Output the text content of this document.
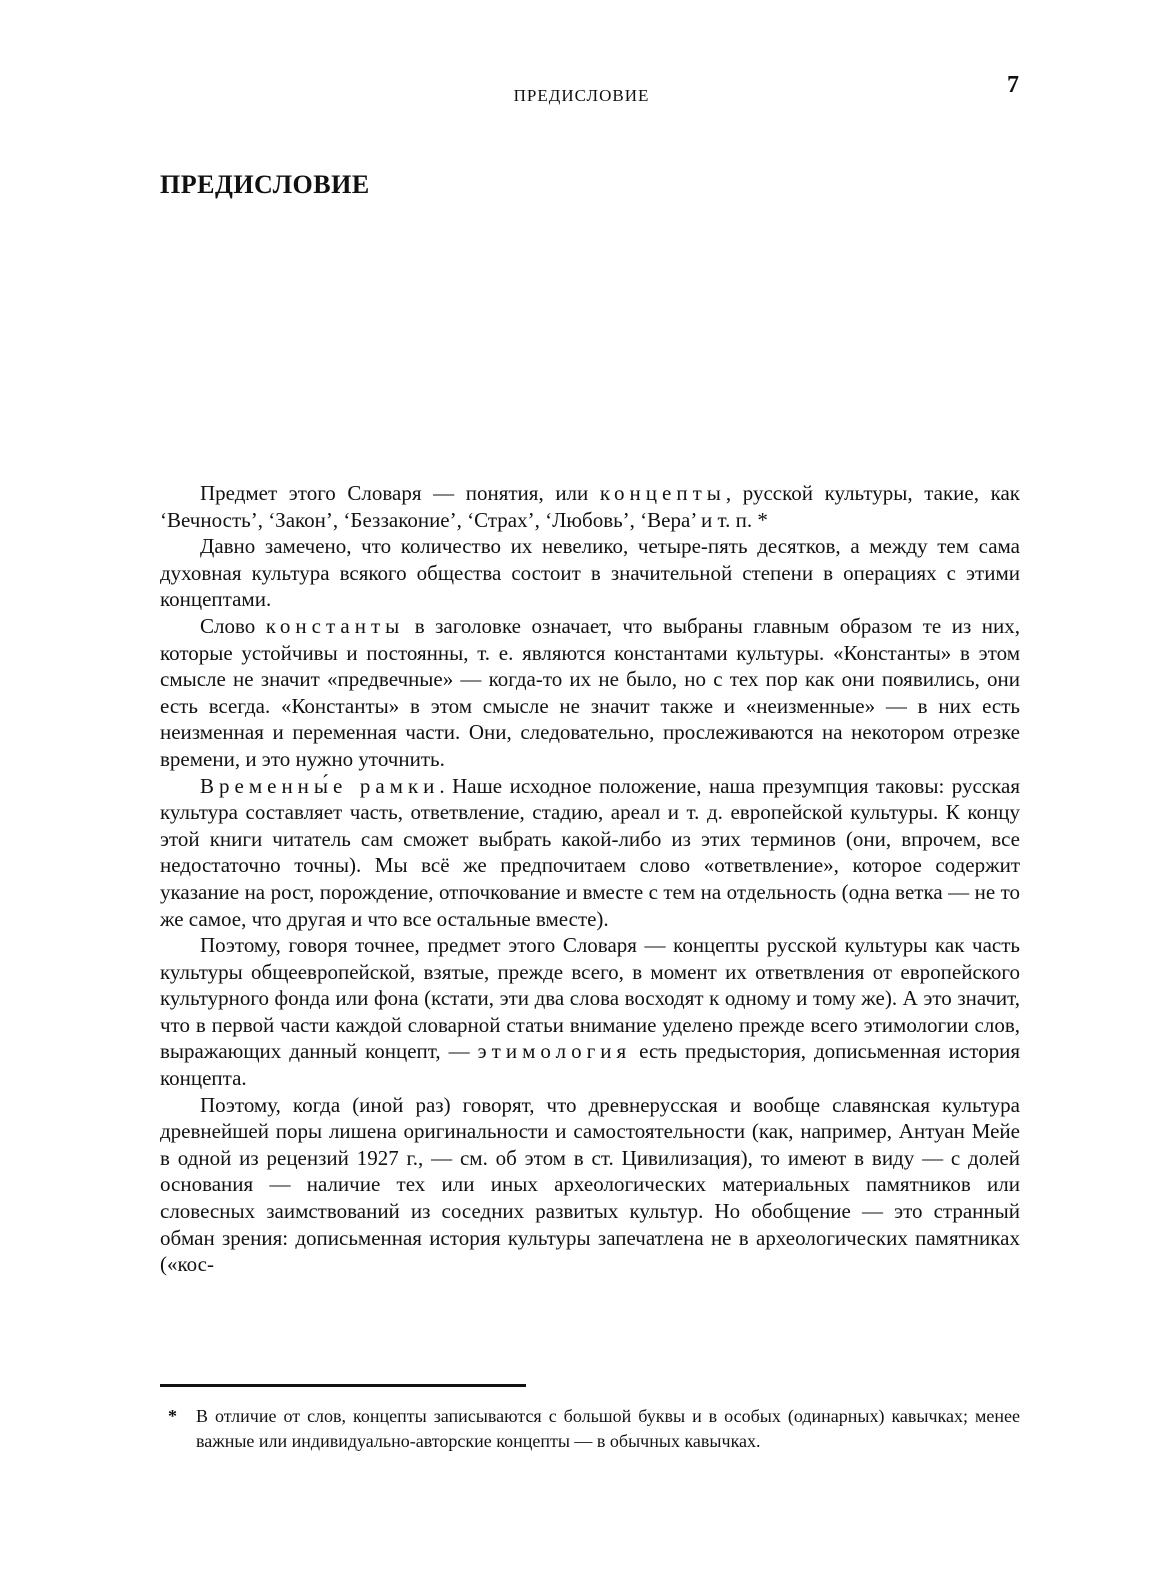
ПРЕДИСЛОВИЕ	7
ПРЕДИСЛОВИЕ

Предмет этого Словаря — понятия, или концепты, русской культуры, такие, как ‘Вечность’, ‘Закон’, ‘Беззаконие’, ‘Страх’, ‘Любовь’, ‘Вера’ и т. п. *

Давно замечено, что количество их невелико, четыре-пять десятков, а между тем сама духовная культура всякого общества состоит в значительной степени в операциях с этими концептами.

Слово константы в заголовке означает, что выбраны главным образом те из них, которые устойчивы и постоянны, т. е. являются константами культуры. «Константы» в этом смысле не значит «предвечные» — когда-то их не было, но с тех пор как они появились, они есть всегда. «Константы» в этом смысле не значит также и «неизменные» — в них есть неизменная и переменная части. Они, следовательно, прослеживаются на некотором отрезке времени, и это нужно уточнить.

Временны́е рамки. Наше исходное положение, наша презумпция таковы: русская культура составляет часть, ответвление, стадию, ареал и т. д. европейской культуры. К концу этой книги читатель сам сможет выбрать какой-либо из этих терминов (они, впрочем, все недостаточно точны). Мы всё же предпочитаем слово «ответвление», которое содержит указание на рост, порождение, отпочкование и вместе с тем на отдельность (одна ветка — не то же самое, что другая и что все остальные вместе).

Поэтому, говоря точнее, предмет этого Словаря — концепты русской культуры как часть культуры общеевропейской, взятые, прежде всего, в момент их ответвления от европейского культурного фонда или фона (кстати, эти два слова восходят к одному и тому же). А это значит, что в первой части каждой словарной статьи внимание уделено прежде всего этимологии слов, выражающих данный концепт, — этимология есть предыстория, дописьменная история концепта.

Поэтому, когда (иной раз) говорят, что древнерусская и вообще славянская культура древнейшей поры лишена оригинальности и самостоятельности (как, например, Антуан Мейе в одной из рецензий 1927 г., — см. об этом в ст. Цивилизация), то имеют в виду — с долей основания — наличие тех или иных археологических материальных памятников или словесных заимствований из соседних развитых культур. Но обобщение — это странный обман зрения: дописьменная история культуры запечатлена не в археологических памятниках («кос-

* В отличие от слов, концепты записываются с большой буквы и в особых (одинарных) кавычках; менее важные или индивидуально-авторские концепты — в обычных кавычках.
